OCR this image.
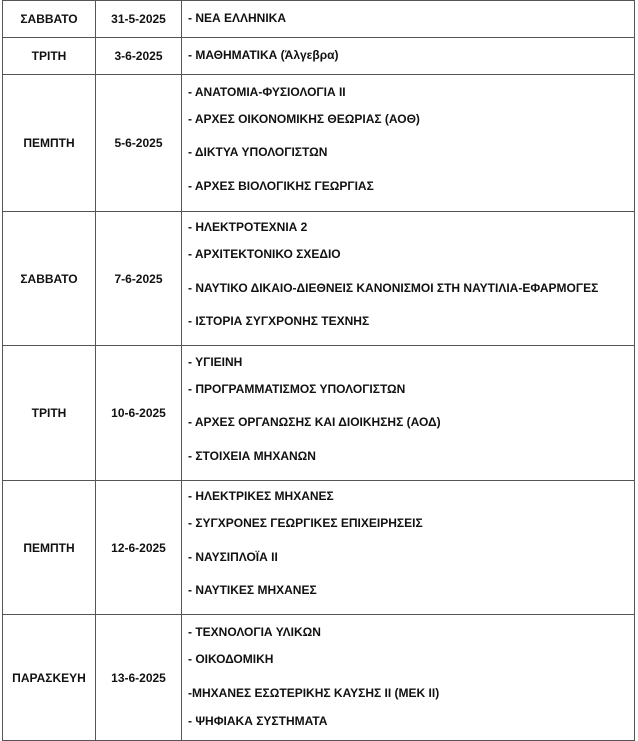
ΣΑΒΒΑΤΟ	31-5-2025	- ΝΕΑ ΕΛΛΗΝΙΚΑ

ΤΡΙΤΗ	3-6-2025	- ΜΑΘΗΜΑΤΙΚΑ (Άλγεβρα)

ΠΕΜΠΤΗ	5-6-2025	- ΑΝΑΤΟΜΙΑ-ΦΥΣΙΟΛΟΓΙΑ ΙΙ
- ΑΡΧΕΣ ΟΙΚΟΝΟΜΙΚΗΣ ΘΕΩΡΙΑΣ (ΑΟΘ)
- ΔΙΚΤΥΑ ΥΠΟΛΟΓΙΣΤΩΝ
- ΑΡΧΕΣ ΒΙΟΛΟΓΙΚΗΣ ΓΕΩΡΓΙΑΣ

ΣΑΒΒΑΤΟ	7-6-2025	- ΗΛΕΚΤΡΟΤΕΧΝΙΑ 2
- ΑΡΧΙΤΕΚΤΟΝΙΚΟ ΣΧΕΔΙΟ
- ΝΑΥΤΙΚΟ ΔΙΚΑΙΟ-ΔΙΕΘΝΕΙΣ ΚΑΝΟΝΙΣΜΟΙ ΣΤΗ ΝΑΥΤΙΛΙΑ-ΕΦΑΡΜΟΓΕΣ
- ΙΣΤΟΡΙΑ ΣΥΓΧΡΟΝΗΣ ΤΕΧΝΗΣ

ΤΡΙΤΗ	10-6-2025	- ΥΓΙΕΙΝΗ
- ΠΡΟΓΡΑΜΜΑΤΙΣΜΟΣ ΥΠΟΛΟΓΙΣΤΩΝ
- ΑΡΧΕΣ ΟΡΓΑΝΩΣΗΣ ΚΑΙ ΔΙΟΙΚΗΣΗΣ (ΑΟΔ)
- ΣΤΟΙΧΕΙΑ ΜΗΧΑΝΩΝ

ΠΕΜΠΤΗ	12-6-2025	- ΗΛΕΚΤΡΙΚΕΣ ΜΗΧΑΝΕΣ
- ΣΥΓΧΡΟΝΕΣ ΓΕΩΡΓΙΚΕΣ ΕΠΙΧΕΙΡΗΣΕΙΣ
- ΝΑΥΣΙΠΛΟΪΑ ΙΙ
- ΝΑΥΤΙΚΕΣ ΜΗΧΑΝΕΣ

ΠΑΡΑΣΚΕΥΗ	13-6-2025	- ΤΕΧΝΟΛΟΓΙΑ ΥΛΙΚΩΝ
- ΟΙΚΟΔΟΜΙΚΗ
-ΜΗΧΑΝΕΣ ΕΣΩΤΕΡΙΚΗΣ ΚΑΥΣΗΣ ΙΙ (ΜΕΚ ΙΙ)
- ΨΗΦΙΑΚΑ ΣΥΣΤΗΜΑΤΑ
